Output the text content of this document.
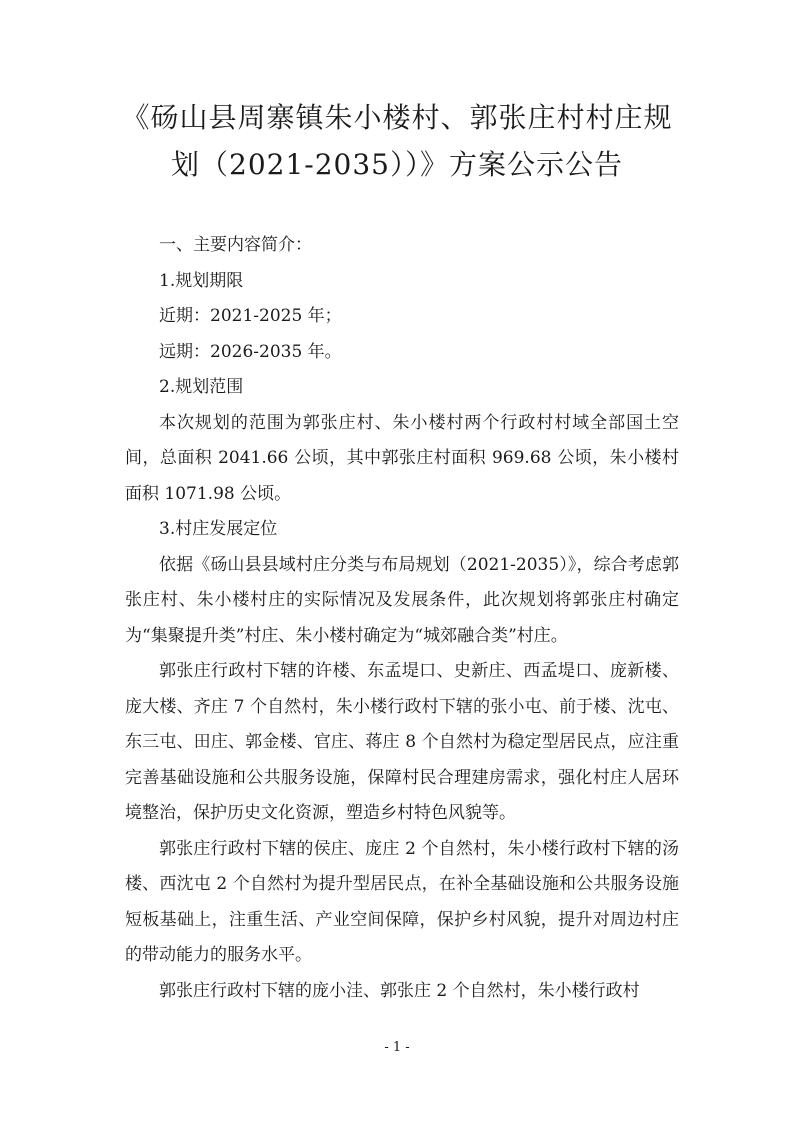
《砀山县周寨镇朱小楼村、郭张庄村村庄规
划（2021-2035））》方案公示公告

一、主要内容简介：

1.规划期限

近期：2021-2025 年；

远期：2026-2035 年。

2.规划范围

本次规划的范围为郭张庄村、朱小楼村两个行政村村域全部国土空间，总面积 2041.66 公顷，其中郭张庄村面积 969.68 公顷，朱小楼村面积 1071.98 公顷。

3.村庄发展定位

依据《砀山县县域村庄分类与布局规划（2021-2035）》，综合考虑郭张庄村、朱小楼村庄的实际情况及发展条件，此次规划将郭张庄村确定为“集聚提升类”村庄、朱小楼村确定为“城郊融合类”村庄。

郭张庄行政村下辖的许楼、东孟堤口、史新庄、西孟堤口、庞新楼、庞大楼、齐庄 7 个自然村，朱小楼行政村下辖的张小屯、前于楼、沈屯、东三屯、田庄、郭金楼、官庄、蒋庄 8 个自然村为稳定型居民点，应注重完善基础设施和公共服务设施，保障村民合理建房需求，强化村庄人居环境整治，保护历史文化资源，塑造乡村特色风貌等。

郭张庄行政村下辖的侯庄、庞庄 2 个自然村，朱小楼行政村下辖的汤楼、西沈屯 2 个自然村为提升型居民点，在补全基础设施和公共服务设施短板基础上，注重生活、产业空间保障，保护乡村风貌，提升对周边村庄的带动能力的服务水平。

郭张庄行政村下辖的庞小洼、郭张庄 2 个自然村，朱小楼行政村

- 1 -
